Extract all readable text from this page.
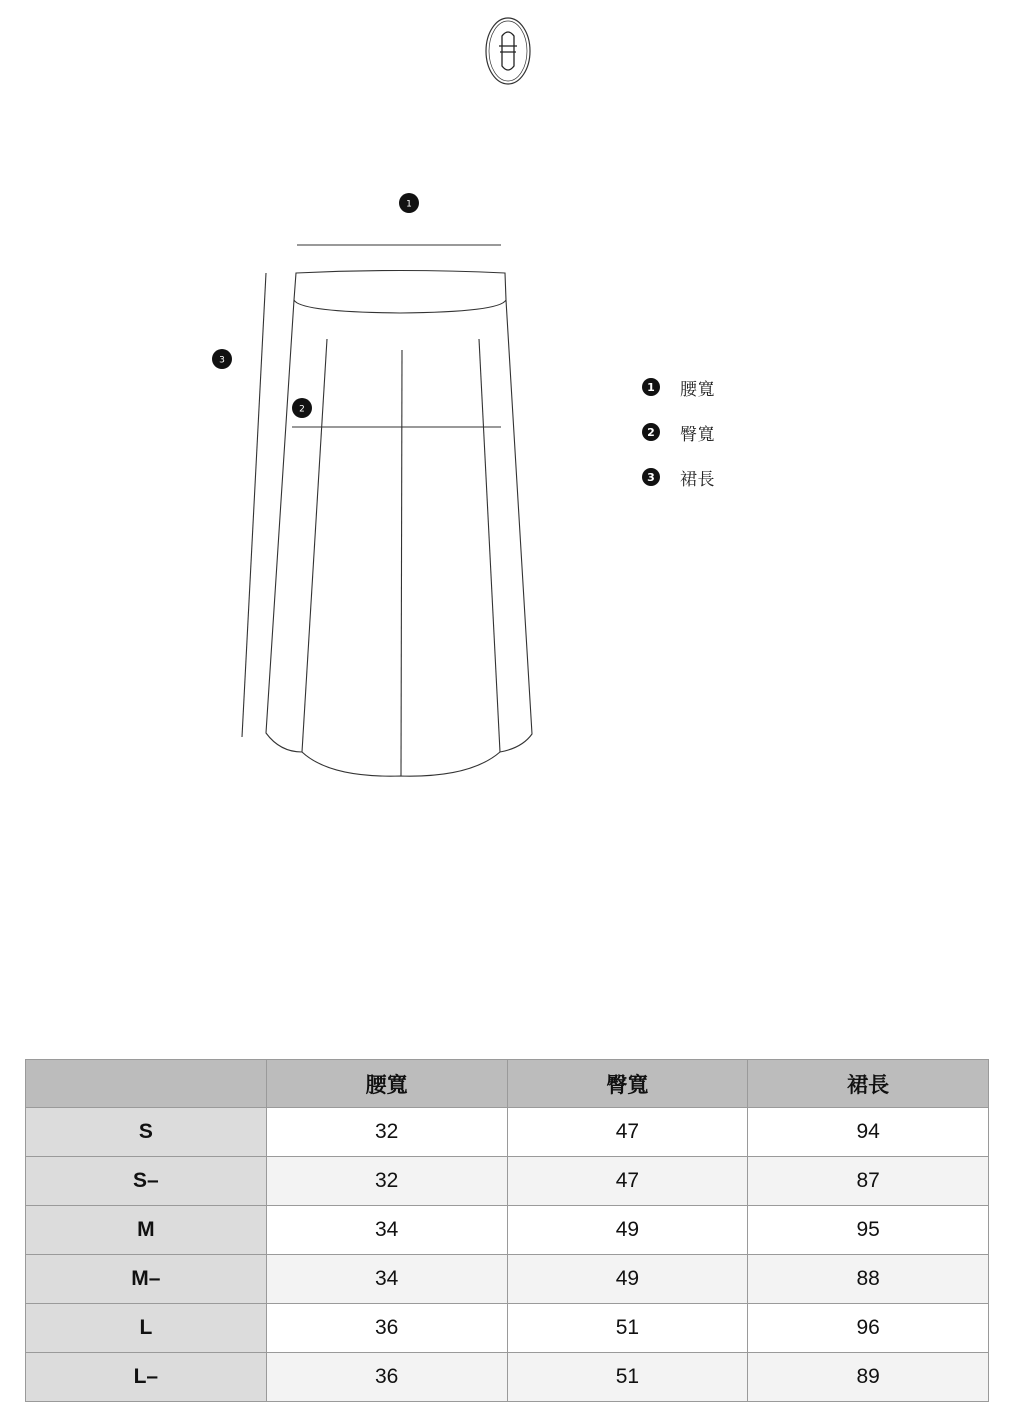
1
2
3
1	腰寬
2	臀寬
3	裙長
	腰寬	臀寬	裙長
S	32	47	94
S–	32	47	87
M	34	49	95
M–	34	49	88
L	36	51	96
L–	36	51	89
